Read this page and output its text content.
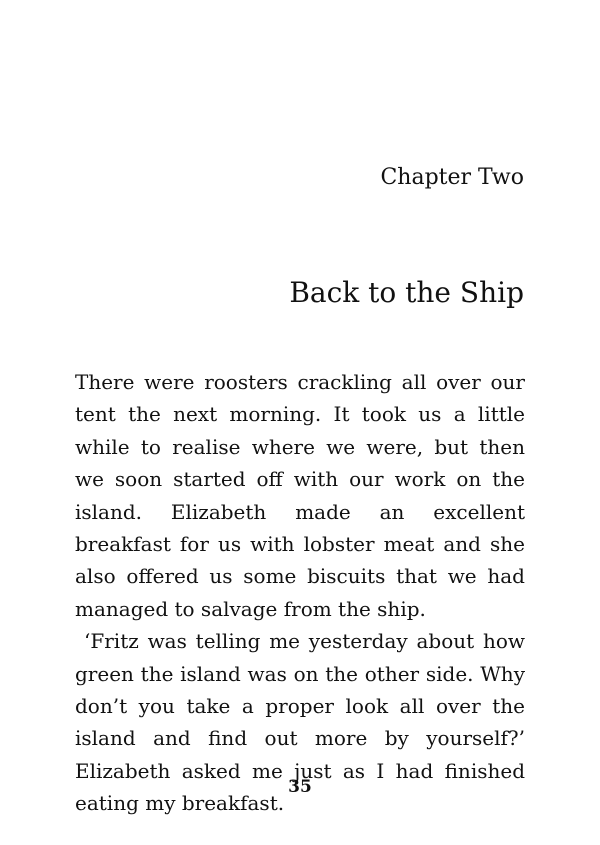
Chapter Two
Back to the Ship

There were roosters crackling all over our tent the next morning. It took us a little while to realise where we were, but then we soon started off with our work on the island. Elizabeth made an excellent breakfast for us with lobster meat and she also offered us some biscuits that we had managed to salvage from the ship.

‘Fritz was telling me yesterday about how green the island was on the other side. Why don’t you take a proper look all over the island and find out more by yourself?’ Elizabeth asked me just as I had finished eating my breakfast.

35
